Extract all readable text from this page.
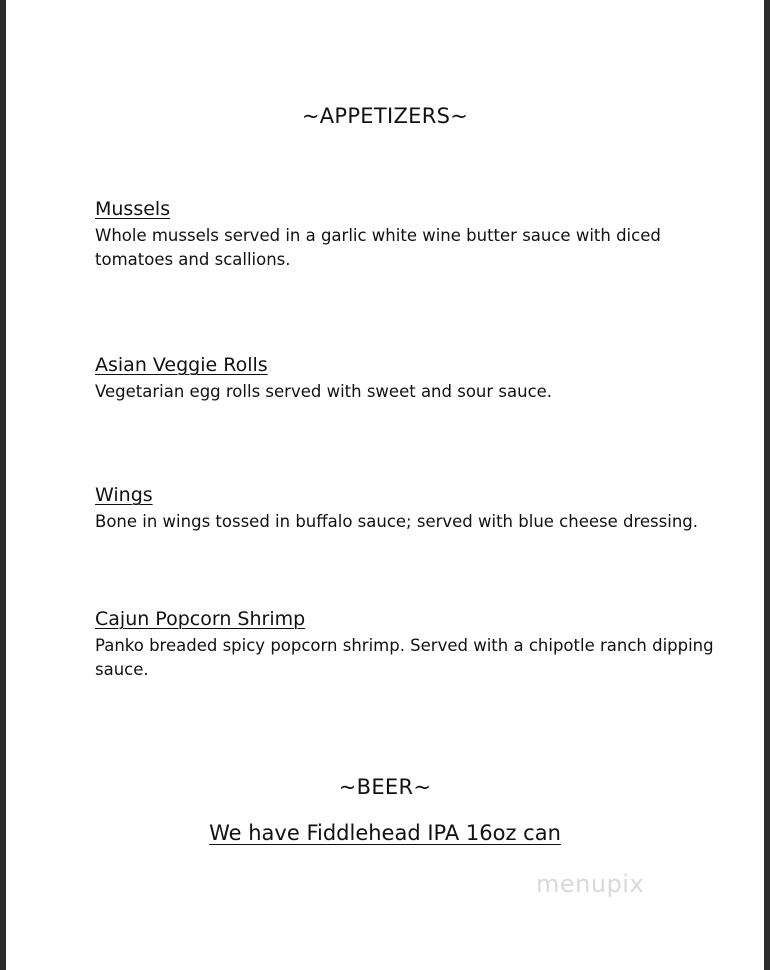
~APPETIZERS~
Mussels
Whole mussels served in a garlic white wine butter sauce with diced tomatoes and scallions.
Asian Veggie Rolls
Vegetarian egg rolls served with sweet and sour sauce.
Wings
Bone in wings tossed in buffalo sauce; served with blue cheese dressing.
Cajun Popcorn Shrimp
Panko breaded spicy popcorn shrimp. Served with a chipotle ranch dipping sauce.
~BEER~
We have Fiddlehead IPA 16oz can
menupix
